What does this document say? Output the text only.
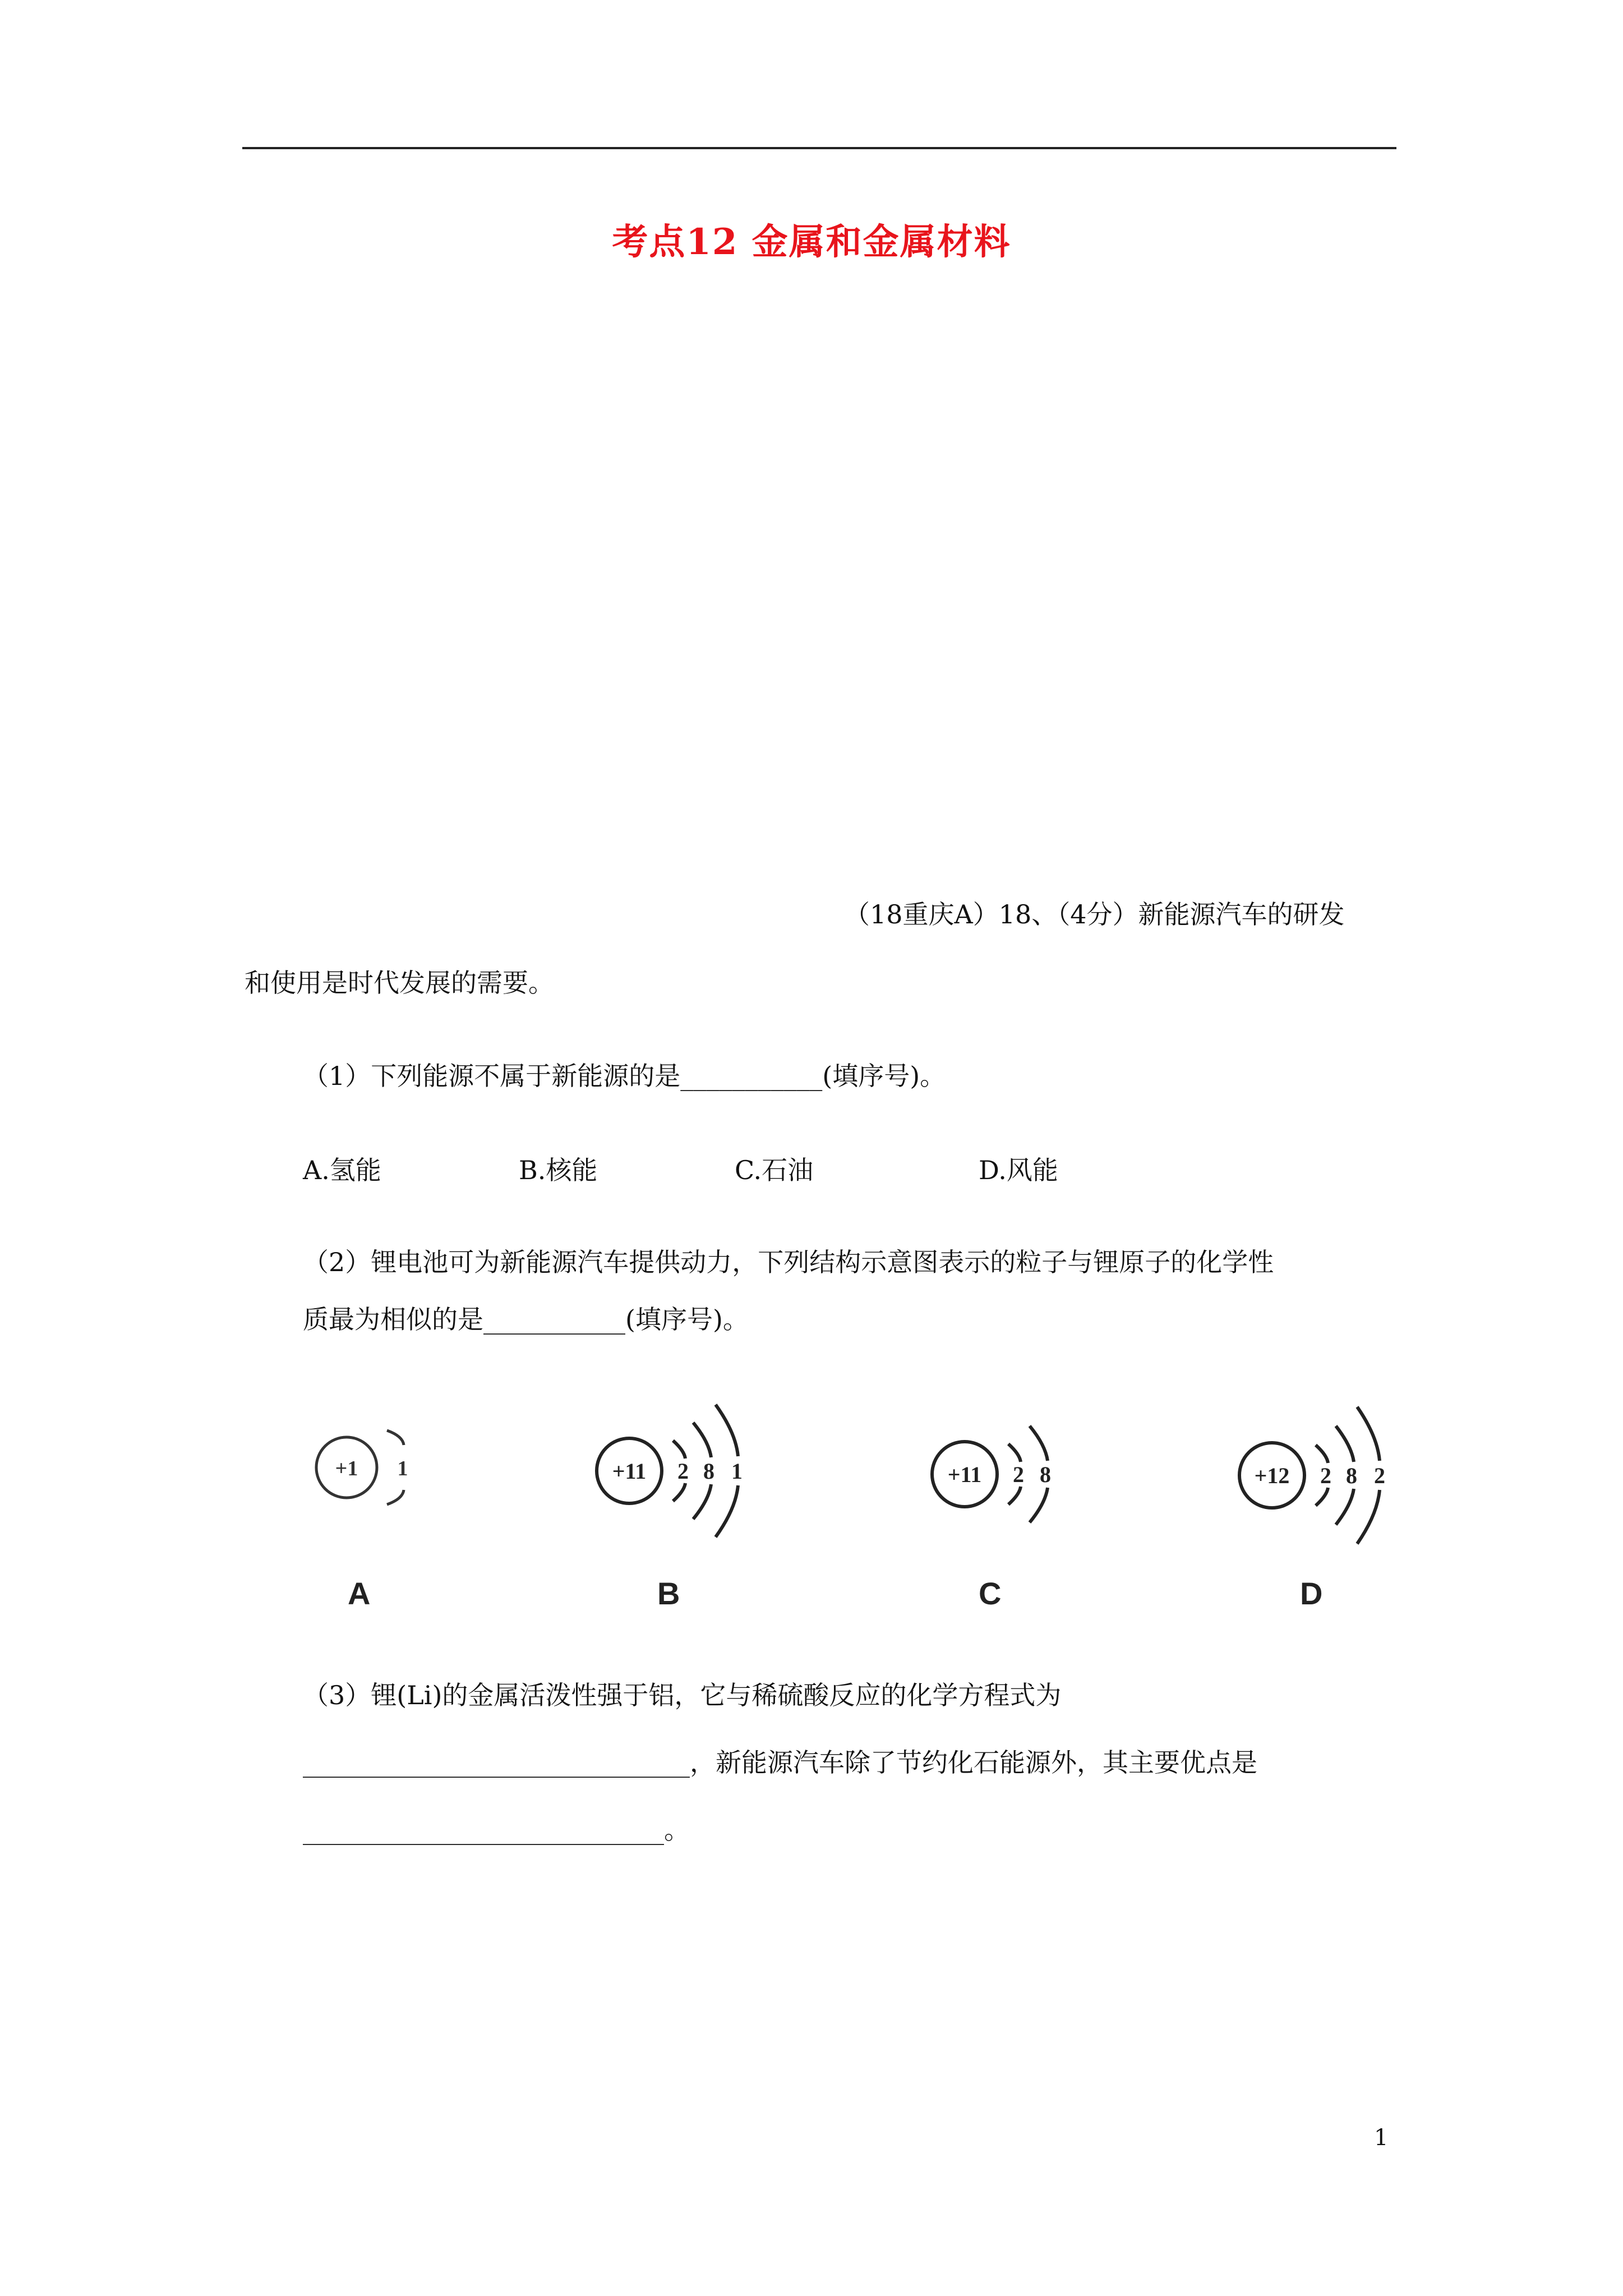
考点12 金属和金属材料
（18重庆A）18、（4分）新能源汽车的研发
和使用是时代发展的需要。
（1）下列能源不属于新能源的是___________(填序号)。
A.氢能	B.核能	C.石油	D.风能
（2）锂电池可为新能源汽车提供动力，下列结构示意图表示的粒子与锂原子的化学性
质最为相似的是___________(填序号)。
+1 1
A
+11 2 8 1
B
+11 2 8
C
+12 2 8 2
D
（3）锂(Li)的金属活泼性强于铝，它与稀硫酸反应的化学方程式为
______________________________，新能源汽车除了节约化石能源外，其主要优点是
____________________________。
1
